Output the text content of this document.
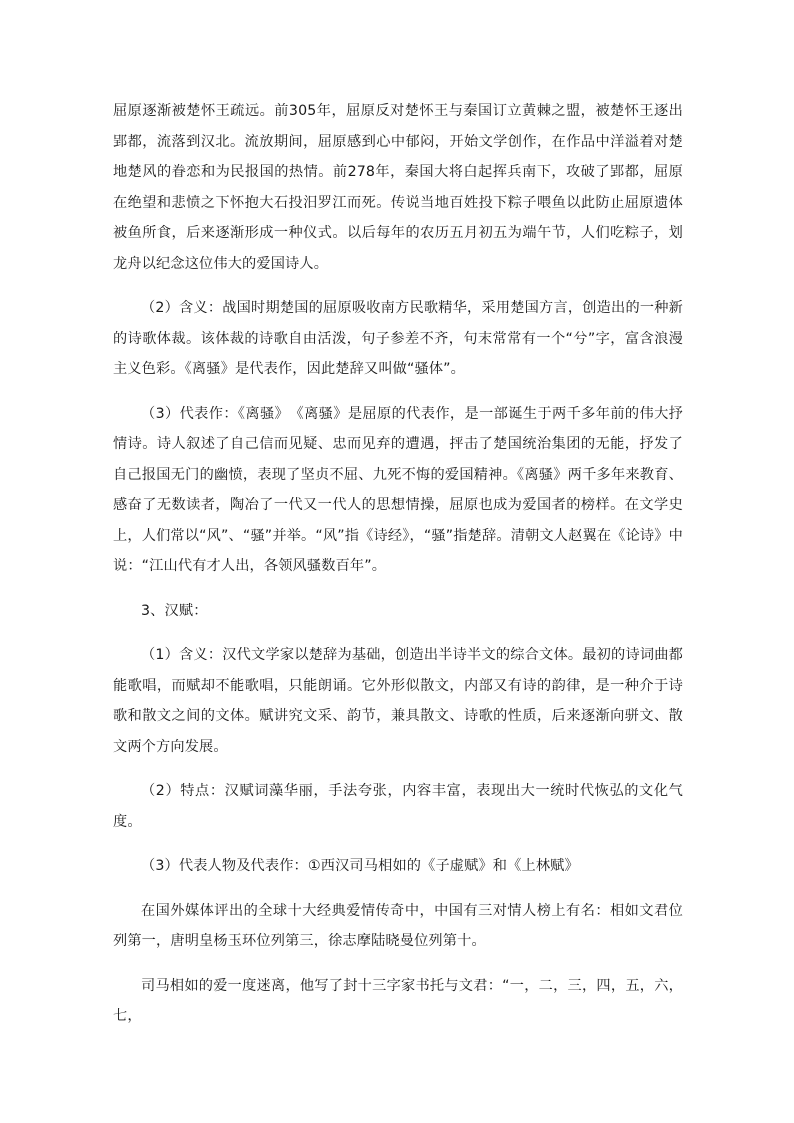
屈原逐渐被楚怀王疏远。前305年，屈原反对楚怀王与秦国订立黄棘之盟，被楚怀王逐出郢都，流落到汉北。流放期间，屈原感到心中郁闷，开始文学创作，在作品中洋溢着对楚地楚风的眷恋和为民报国的热情。前278年，秦国大将白起挥兵南下，攻破了郢都，屈原在绝望和悲愤之下怀抱大石投汨罗江而死。传说当地百姓投下粽子喂鱼以此防止屈原遗体被鱼所食，后来逐渐形成一种仪式。以后每年的农历五月初五为端午节，人们吃粽子，划龙舟以纪念这位伟大的爱国诗人。

（2）含义：战国时期楚国的屈原吸收南方民歌精华，采用楚国方言，创造出的一种新的诗歌体裁。该体裁的诗歌自由活泼，句子参差不齐，句末常常有一个“兮”字，富含浪漫主义色彩。《离骚》是代表作，因此楚辞又叫做“骚体”。

（3）代表作：《离骚》　《离骚》是屈原的代表作，是一部诞生于两千多年前的伟大抒情诗。诗人叙述了自己信而见疑、忠而见弃的遭遇，抨击了楚国统治集团的无能，抒发了自己报国无门的幽愤，表现了坚贞不屈、九死不悔的爱国精神。《离骚》两千多年来教育、感奋了无数读者，陶冶了一代又一代人的思想情操，屈原也成为爱国者的榜样。在文学史上，人们常以“风”、“骚”并举。“风”指《诗经》，“骚”指楚辞。清朝文人赵翼在《论诗》中说：“江山代有才人出，各领风骚数百年”。

3、汉赋：

（1）含义：汉代文学家以楚辞为基础，创造出半诗半文的综合文体。最初的诗词曲都能歌唱，而赋却不能歌唱，只能朗诵。它外形似散文，内部又有诗的韵律，是一种介于诗歌和散文之间的文体。赋讲究文采、韵节，兼具散文、诗歌的性质，后来逐渐向骈文、散文两个方向发展。

（2）特点：汉赋词藻华丽，手法夸张，内容丰富，表现出大一统时代恢弘的文化气度。

（3）代表人物及代表作：①西汉司马相如的《子虚赋》和《上林赋》

在国外媒体评出的全球十大经典爱情传奇中，中国有三对情人榜上有名：相如文君位列第一，唐明皇杨玉环位列第三，徐志摩陆晓曼位列第十。

司马相如的爱一度迷离，他写了封十三字家书托与文君：“一，二，三，四，五，六，七，
